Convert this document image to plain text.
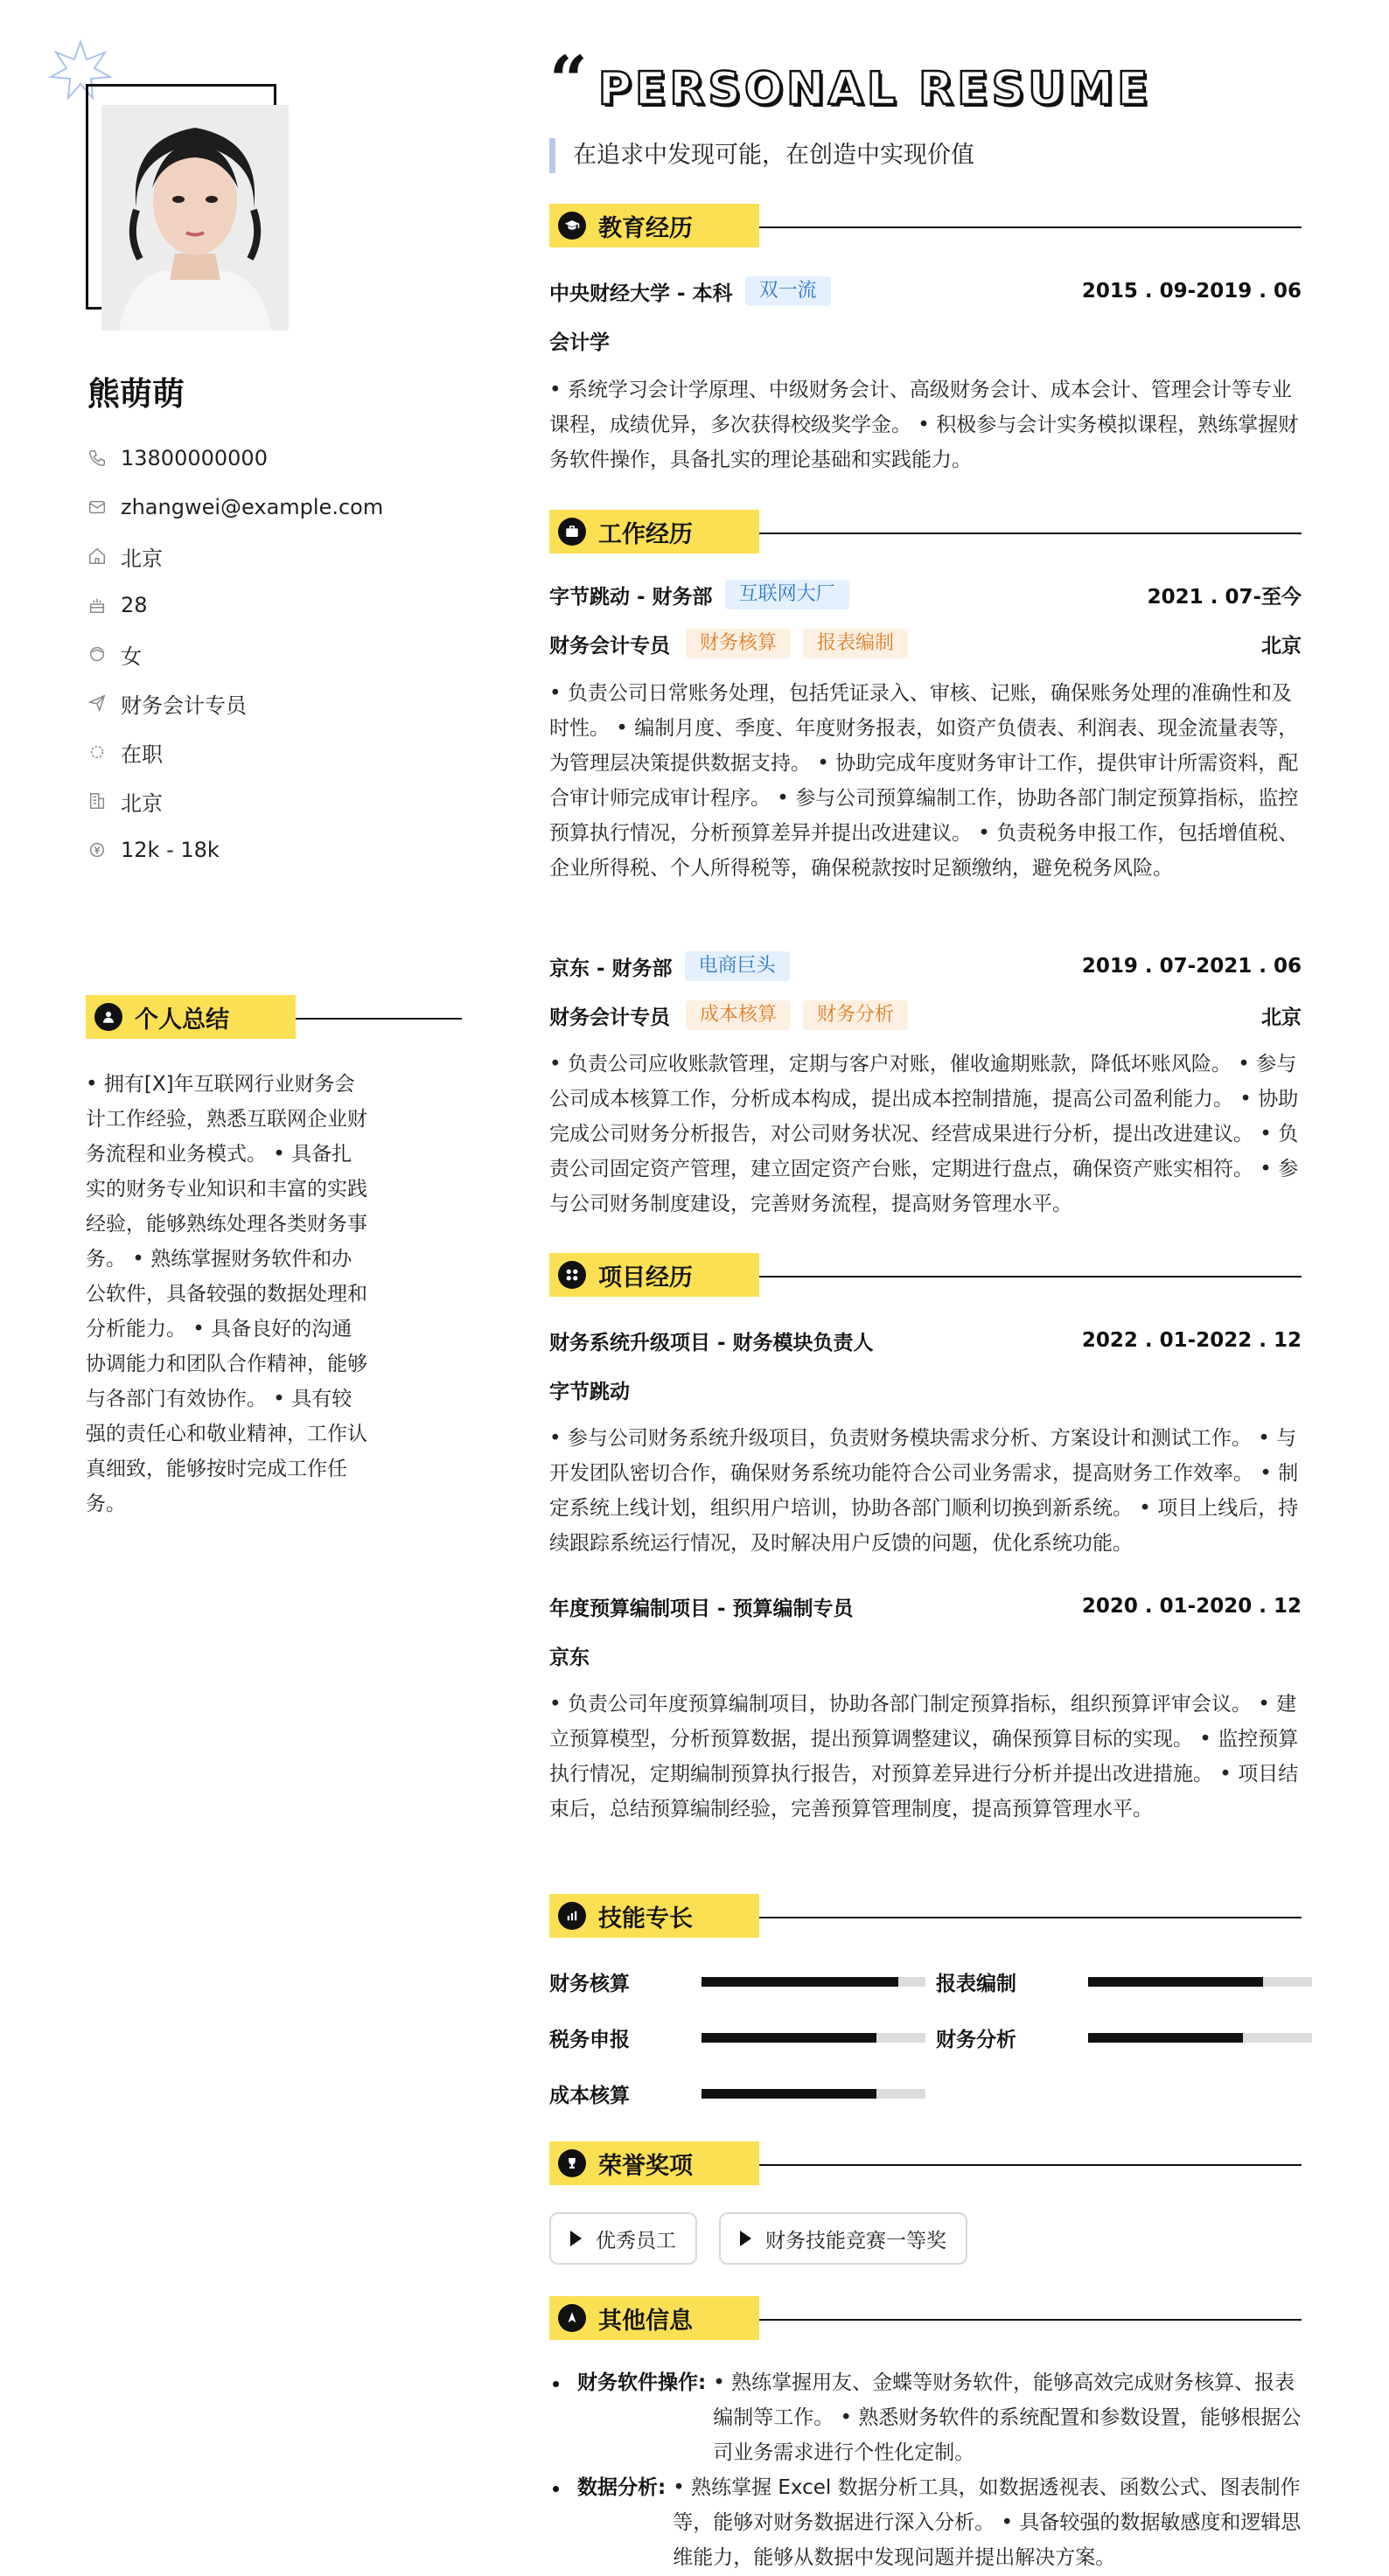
熊萌萌
13800000000
zhangwei@example.com
北京
28
女
财务会计专员
在职
北京
12k - 18k
个人总结
• 拥有[X]年互联网行业财务会计工作经验，熟悉互联网企业财务流程和业务模式。 • 具备扎实的财务专业知识和丰富的实践经验，能够熟练处理各类财务事务。 • 熟练掌握财务软件和办公软件，具备较强的数据处理和分析能力。 • 具备良好的沟通协调能力和团队合作精神，能够与各部门有效协作。 • 具有较强的责任心和敬业精神，工作认真细致，能够按时完成工作任务。
“ PERSONAL RESUME
在追求中发现可能，在创造中实现价值
教育经历
中央财经大学 - 本科	双一流	2015 . 09-2019 . 06
会计学
• 系统学习会计学原理、中级财务会计、高级财务会计、成本会计、管理会计等专业课程，成绩优异，多次获得校级奖学金。 • 积极参与会计实务模拟课程，熟练掌握财务软件操作，具备扎实的理论基础和实践能力。
工作经历
字节跳动 - 财务部	互联网大厂	2021 . 07-至今
财务会计专员	财务核算	报表编制	北京
• 负责公司日常账务处理，包括凭证录入、审核、记账，确保账务处理的准确性和及时性。 • 编制月度、季度、年度财务报表，如资产负债表、利润表、现金流量表等，为管理层决策提供数据支持。 • 协助完成年度财务审计工作，提供审计所需资料，配合审计师完成审计程序。 • 参与公司预算编制工作，协助各部门制定预算指标，监控预算执行情况，分析预算差异并提出改进建议。 • 负责税务申报工作，包括增值税、企业所得税、个人所得税等，确保税款按时足额缴纳，避免税务风险。
京东 - 财务部	电商巨头	2019 . 07-2021 . 06
财务会计专员	成本核算	财务分析	北京
• 负责公司应收账款管理，定期与客户对账，催收逾期账款，降低坏账风险。 • 参与公司成本核算工作，分析成本构成，提出成本控制措施，提高公司盈利能力。 • 协助完成公司财务分析报告，对公司财务状况、经营成果进行分析，提出改进建议。 • 负责公司固定资产管理，建立固定资产台账，定期进行盘点，确保资产账实相符。 • 参与公司财务制度建设，完善财务流程，提高财务管理水平。
项目经历
财务系统升级项目 - 财务模块负责人	2022 . 01-2022 . 12
字节跳动
• 参与公司财务系统升级项目，负责财务模块需求分析、方案设计和测试工作。 • 与开发团队密切合作，确保财务系统功能符合公司业务需求，提高财务工作效率。 • 制定系统上线计划，组织用户培训，协助各部门顺利切换到新系统。 • 项目上线后，持续跟踪系统运行情况，及时解决用户反馈的问题，优化系统功能。
年度预算编制项目 - 预算编制专员	2020 . 01-2020 . 12
京东
• 负责公司年度预算编制项目，协助各部门制定预算指标，组织预算评审会议。 • 建立预算模型，分析预算数据，提出预算调整建议，确保预算目标的实现。 • 监控预算执行情况，定期编制预算执行报告，对预算差异进行分析并提出改进措施。 • 项目结束后，总结预算编制经验，完善预算管理制度，提高预算管理水平。
技能专长
财务核算	报表编制
税务申报	财务分析
成本核算
荣誉奖项
优秀员工	财务技能竞赛一等奖
其他信息
财务软件操作: • 熟练掌握用友、金蝶等财务软件，能够高效完成财务核算、报表编制等工作。 • 熟悉财务软件的系统配置和参数设置，能够根据公司业务需求进行个性化定制。
数据分析: • 熟练掌握 Excel 数据分析工具，如数据透视表、函数公式、图表制作等，能够对财务数据进行深入分析。 • 具备较强的数据敏感度和逻辑思维能力，能够从数据中发现问题并提出解决方案。
